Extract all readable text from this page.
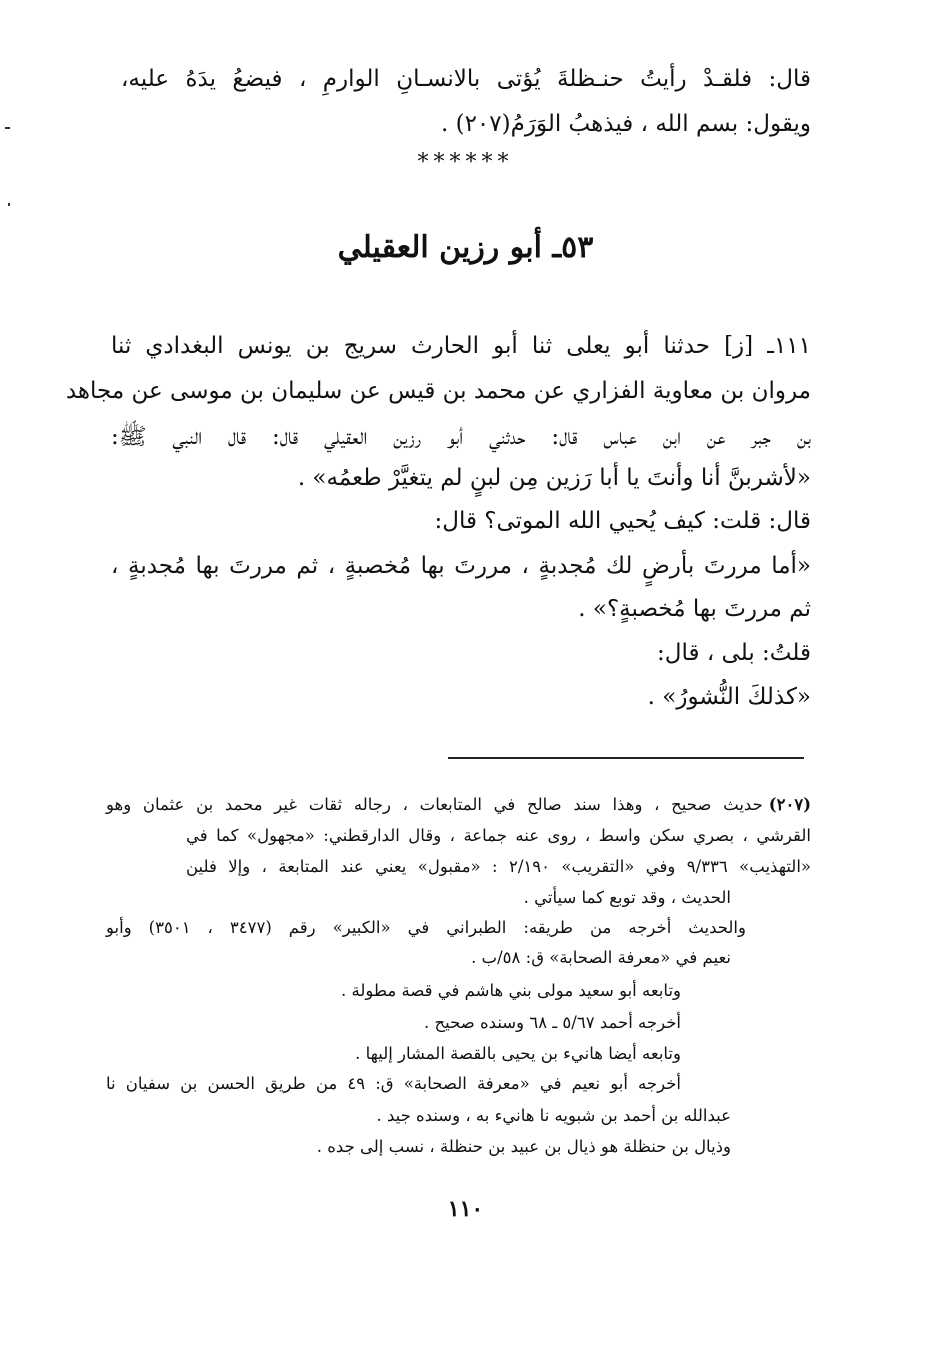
قال: فلقـدْ رأيتُ حنـظلةَ يُؤتى بالانسـانِ الوارمِ ، فيضعُ يدَهُ عليه،
ويقول: بسم الله ، فيذهبُ الوَرَمُ(٢٠٧) .
******
٥٣ـ أبو رزين العقيلي
١١١ـ [ز] حدثنا أبو يعلى ثنا أبو الحارث سريج بن يونس البغدادي ثنا
مروان بن معاوية الفزاري عن محمد بن قيس عن سليمان بن موسى عن مجاهد
بن جبر عن ابن عباس قال: حدثني أبو رزين العقيلي قال: قال النبي ﷺ:
«لأشربنَّ أنا وأنتَ يا أبا رَزين مِن لبنٍ لم يتغيَّرْ طعمُه» .
قال: قلت: كيف يُحيي الله الموتى؟ قال:
«أما مررتَ بأرضٍ لك مُجدبةٍ ، مررتَ بها مُخصبةٍ ، ثم مررتَ بها مُجدبةٍ ،
ثم مررتَ بها مُخصبةٍ؟» .
قلتُ: بلى ، قال:
«كذلكَ النُّشورُ» .
(٢٠٧)حديث صحيح ، وهذا سند صالح في المتابعات ، رجاله ثقات غير محمد بن عثمان وهو
القرشي ، بصري سكن واسط ، روى عنه جماعة ، وقال الدارقطني: «مجهول» كما في
«التهذيب» ٩/٣٣٦ وفي «التقريب» ٢/١٩٠ : «مقبول» يعني عند المتابعة ، وإلا فلين
الحديث ، وقد توبع كما سيأتي .
والحديث أخرجه من طريقه: الطبراني في «الكبير» رقم (٣٤٧٧ ، ٣٥٠١) وأبو
نعيم في «معرفة الصحابة» ق: ٥٨/ب .
وتابعه أبو سعيد مولى بني هاشم في قصة مطولة .
أخرجه أحمد ٥/٦٧ ـ ٦٨ وسنده صحيح .
وتابعه أيضا هانيء بن يحيى بالقصة المشار إليها .
أخرجه أبو نعيم في «معرفة الصحابة» ق: ٤٩ من طريق الحسن بن سفيان نا
عبدالله بن أحمد بن شبويه نا هانيء به ، وسنده جيد .
وذيال بن حنظلة هو ذيال بن عبيد بن حنظلة ، نسب إلى جده .
١١٠
